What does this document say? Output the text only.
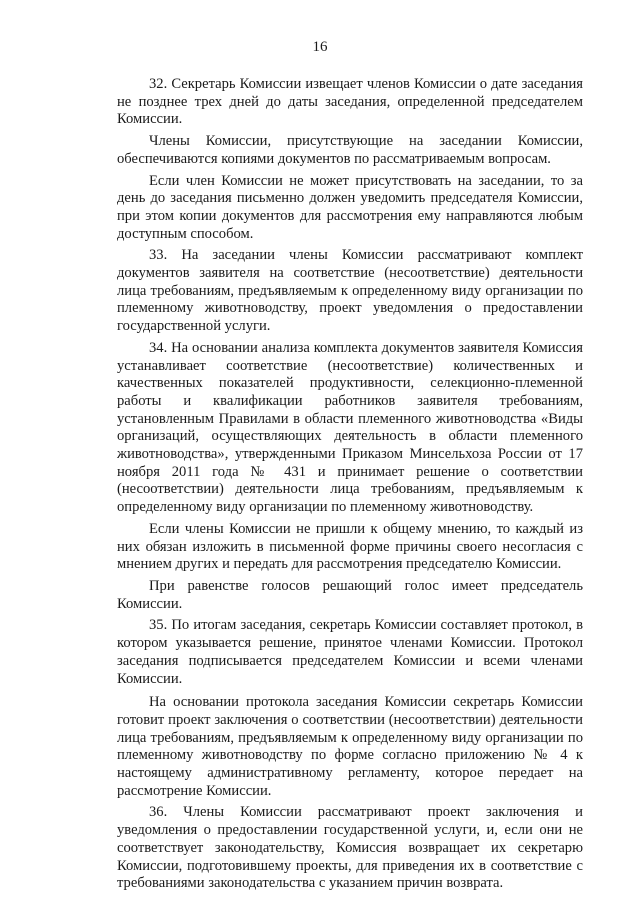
16

32. Секретарь Комиссии извещает членов Комиссии о дате заседания не позднее трех дней до даты заседания, определенной председателем Комиссии.

Члены Комиссии, присутствующие на заседании Комиссии, обеспечиваются копиями документов по рассматриваемым вопросам.

Если член Комиссии не может присутствовать на заседании, то за день до заседания письменно должен уведомить председателя Комиссии, при этом копии документов для рассмотрения ему направляются любым доступным способом.

33. На заседании члены Комиссии рассматривают комплект документов заявителя на соответствие (несоответствие) деятельности лица требованиям, предъявляемым к определенному виду организации по племенному животноводству, проект уведомления о предоставлении государственной услуги.

34. На основании анализа комплекта документов заявителя Комиссия устанавливает соответствие (несоответствие) количественных и качественных показателей продуктивности, селекционно-племенной работы и квалификации работников заявителя требованиям, установленным Правилами в области племенного животноводства «Виды организаций, осуществляющих деятельность в области племенного животноводства», утвержденными Приказом Минсельхоза России от 17 ноября 2011 года № 431 и принимает решение о соответствии (несоответствии) деятельности лица требованиям, предъявляемым к определенному виду организации по племенному животноводству.

Если члены Комиссии не пришли к общему мнению, то каждый из них обязан изложить в письменной форме причины своего несогласия с мнением других и передать для рассмотрения председателю Комиссии.

При равенстве голосов решающий голос имеет председатель Комиссии.

35. По итогам заседания, секретарь Комиссии составляет протокол, в котором указывается решение, принятое членами Комиссии. Протокол заседания подписывается председателем Комиссии и всеми членами Комиссии.

На основании протокола заседания Комиссии секретарь Комиссии готовит проект заключения о соответствии (несоответствии) деятельности лица требованиям, предъявляемым к определенному виду организации по племенному животноводству по форме согласно приложению № 4 к настоящему административному регламенту, которое передает на рассмотрение Комиссии.

36. Члены Комиссии рассматривают проект заключения и уведомления о предоставлении государственной услуги, и, если они не соответствует законодательству, Комиссия возвращает их секретарю Комиссии, подготовившему проекты, для приведения их в соответствие с требованиями законодательства с указанием причин возврата.
